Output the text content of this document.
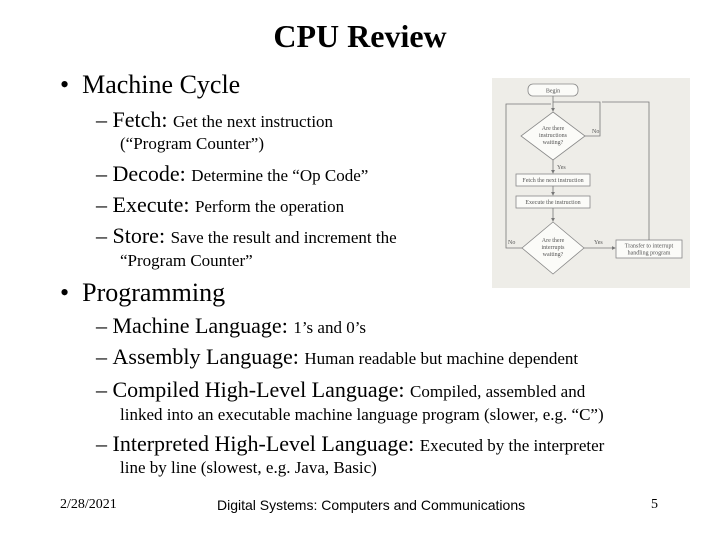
CPU Review
• Machine Cycle
– Fetch: Get the next instruction
(“Program Counter”)
– Decode: Determine the “Op Code”
– Execute: Perform the operation
– Store: Save the result and increment the
“Program Counter”
• Programming
– Machine Language: 1’s and 0’s
– Assembly Language: Human readable but machine dependent
– Compiled High-Level Language: Compiled, assembled and
linked into an executable machine language program (slower, e.g. “C”)
– Interpreted High-Level Language: Executed by the interpreter
line by line (slowest, e.g. Java, Basic)
Begin
Are there
instructions
waiting?
No
Yes
Fetch the next instruction
Execute the instruction
Are there
interrupts
waiting?
No	Yes
Transfer to interrupt
handling program
2/28/2021	Digital Systems: Computers and Communications	5
